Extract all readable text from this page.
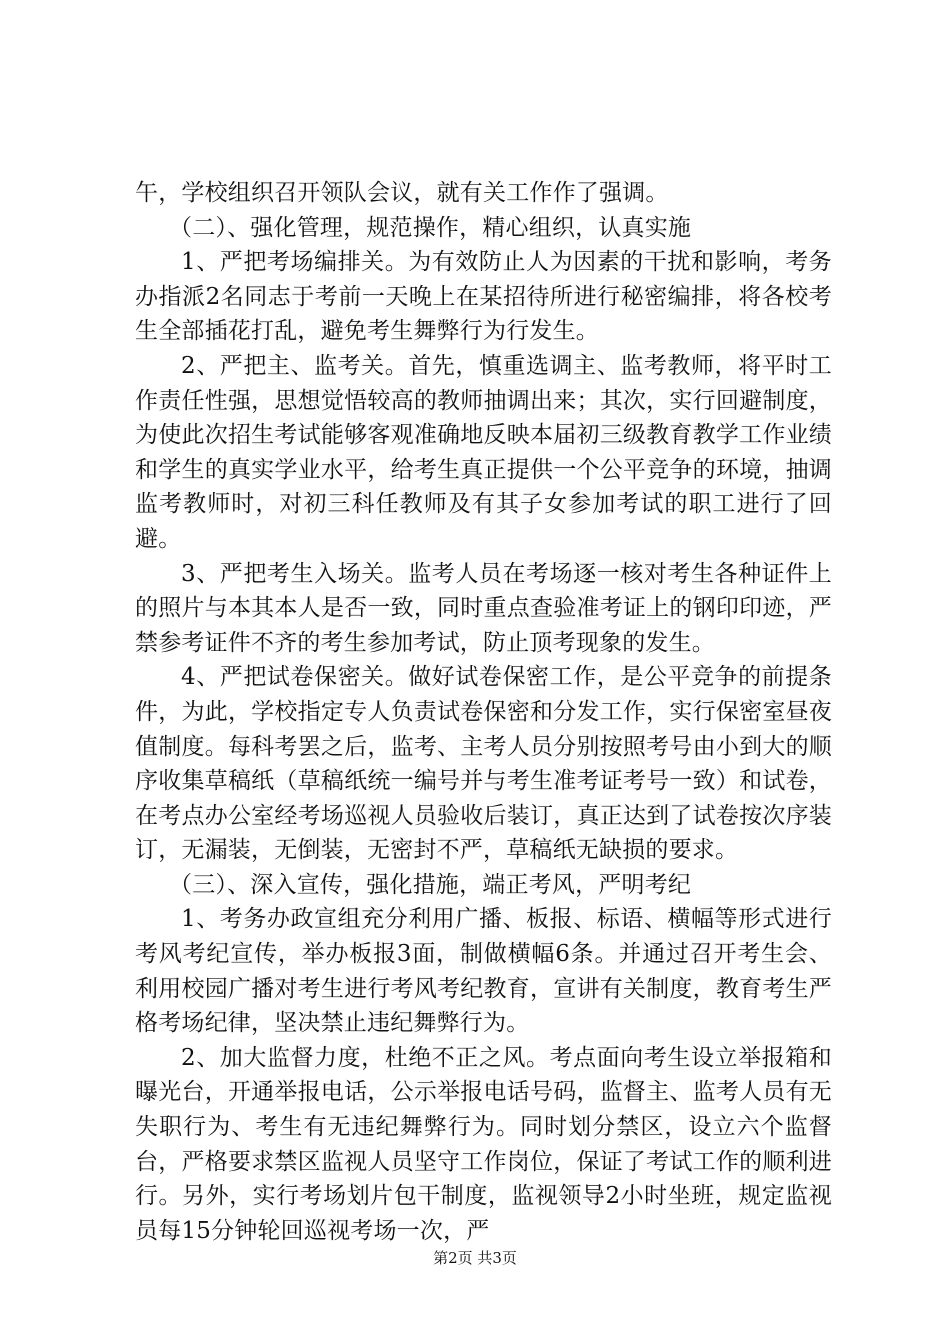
午，学校组织召开领队会议，就有关工作作了强调。

（二）、强化管理，规范操作，精心组织，认真实施

1、严把考场编排关。为有效防止人为因素的干扰和影响，考务办指派2名同志于考前一天晚上在某招待所进行秘密编排，将各校考生全部插花打乱，避免考生舞弊行为行发生。

2、严把主、监考关。首先，慎重选调主、监考教师，将平时工作责任性强，思想觉悟较高的教师抽调出来；其次，实行回避制度，为使此次招生考试能够客观准确地反映本届初三级教育教学工作业绩和学生的真实学业水平，给考生真正提供一个公平竞争的环境，抽调监考教师时，对初三科任教师及有其子女参加考试的职工进行了回避。

3、严把考生入场关。监考人员在考场逐一核对考生各种证件上的照片与本其本人是否一致，同时重点查验准考证上的钢印印迹，严禁参考证件不齐的考生参加考试，防止顶考现象的发生。

4、严把试卷保密关。做好试卷保密工作，是公平竞争的前提条件，为此，学校指定专人负责试卷保密和分发工作，实行保密室昼夜值制度。每科考罢之后，监考、主考人员分别按照考号由小到大的顺序收集草稿纸（草稿纸统一编号并与考生准考证考号一致）和试卷，在考点办公室经考场巡视人员验收后装订，真正达到了试卷按次序装订，无漏装，无倒装，无密封不严，草稿纸无缺损的要求。

（三）、深入宣传，强化措施，端正考风，严明考纪

1、考务办政宣组充分利用广播、板报、标语、横幅等形式进行考风考纪宣传，举办板报3面，制做横幅6条。并通过召开考生会、利用校园广播对考生进行考风考纪教育，宣讲有关制度，教育考生严格考场纪律，坚决禁止违纪舞弊行为。

2、加大监督力度，杜绝不正之风。考点面向考生设立举报箱和曝光台，开通举报电话，公示举报电话号码，监督主、监考人员有无失职行为、考生有无违纪舞弊行为。同时划分禁区，设立六个监督台，严格要求禁区监视人员坚守工作岗位，保证了考试工作的顺利进行。另外，实行考场划片包干制度，监视领导2小时坐班，规定监视员每15分钟轮回巡视考场一次，严

第2页 共3页
